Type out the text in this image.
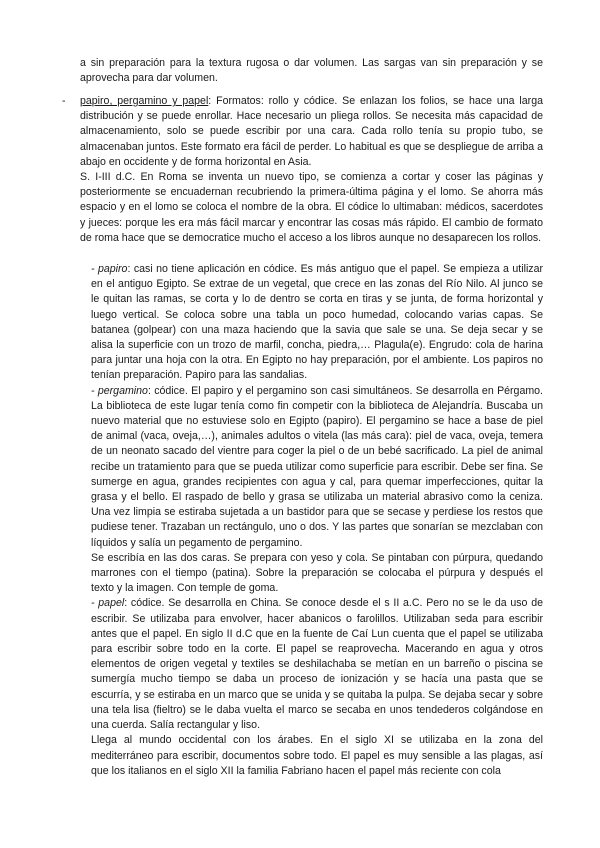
a sin preparación para la textura rugosa o dar volumen. Las sargas van sin preparación y se aprovecha para dar volumen.

- papiro, pergamino y papel: Formatos: rollo y códice. Se enlazan los folios, se hace una larga distribución y se puede enrollar. Hace necesario un pliega rollos. Se necesita más capacidad de almacenamiento, solo se puede escribir por una cara. Cada rollo tenía su propio tubo, se almacenaban juntos. Este formato era fácil de perder. Lo habitual es que se despliegue de arriba a abajo en occidente y de forma horizontal en Asia.

S. I-III d.C. En Roma se inventa un nuevo tipo, se comienza a cortar y coser las páginas y posteriormente se encuadernan recubriendo la primera-última página y el lomo. Se ahorra más espacio y en el lomo se coloca el nombre de la obra. El códice lo ultimaban: médicos, sacerdotes y jueces: porque les era más fácil marcar y encontrar las cosas más rápido. El cambio de formato de roma hace que se democratice mucho el acceso a los libros aunque no desaparecen los rollos.

- papiro: casi no tiene aplicación en códice. Es más antiguo que el papel. Se empieza a utilizar en el antiguo Egipto. Se extrae de un vegetal, que crece en las zonas del Río Nilo. Al junco se le quitan las ramas, se corta y lo de dentro se corta en tiras y se junta, de forma horizontal y luego vertical. Se coloca sobre una tabla un poco humedad, colocando varias capas. Se batanea (golpear) con una maza haciendo que la savia que sale se una. Se deja secar y se alisa la superficie con un trozo de marfil, concha, piedra,… Plagula(e). Engrudo: cola de harina para juntar una hoja con la otra. En Egipto no hay preparación, por el ambiente. Los papiros no tenían preparación. Papiro para las sandalias.

- pergamino: códice. El papiro y el pergamino son casi simultáneos. Se desarrolla en Pérgamo. La biblioteca de este lugar tenía como fin competir con la biblioteca de Alejandría. Buscaba un nuevo material que no estuviese solo en Egipto (papiro). El pergamino se hace a base de piel de animal (vaca, oveja,…), animales adultos o vitela (las más cara): piel de vaca, oveja, temera de un neonato sacado del vientre para coger la piel o de un bebé sacrificado. La piel de animal recibe un tratamiento para que se pueda utilizar como superficie para escribir. Debe ser fina. Se sumerge en agua, grandes recipientes con agua y cal, para quemar imperfecciones, quitar la grasa y el bello. El raspado de bello y grasa se utilizaba un material abrasivo como la ceniza. Una vez limpia se estiraba sujetada a un bastidor para que se secase y perdiese los restos que pudiese tener. Trazaban un rectángulo, uno o dos. Y las partes que sonarían se mezclaban con líquidos y salía un pegamento de pergamino.

Se escribía en las dos caras. Se prepara con yeso y cola. Se pintaban con púrpura, quedando marrones con el tiempo (patina). Sobre la preparación se colocaba el púrpura y después el texto y la imagen. Con temple de goma.

- papel: códice. Se desarrolla en China. Se conoce desde el s II a.C. Pero no se le da uso de escribir. Se utilizaba para envolver, hacer abanicos o farolillos. Utilizaban seda para escribir antes que el papel. En siglo II d.C que en la fuente de Caí Lun cuenta que el papel se utilizaba para escribir sobre todo en la corte. El papel se reaprovecha. Macerando en agua y otros elementos de origen vegetal y textiles se deshilachaba se metían en un barreño o piscina se sumergía mucho tiempo se daba un proceso de ionización y se hacía una pasta que se escurría, y se estiraba en un marco que se unida y se quitaba la pulpa. Se dejaba secar y sobre una tela lisa (fieltro) se le daba vuelta el marco se secaba en unos tendederos colgándose en una cuerda. Salía rectangular y liso.

Llega al mundo occidental con los árabes. En el siglo XI se utilizaba en la zona del mediterráneo para escribir, documentos sobre todo. El papel es muy sensible a las plagas, así que los italianos en el siglo XII la familia Fabriano hacen el papel más reciente con cola
